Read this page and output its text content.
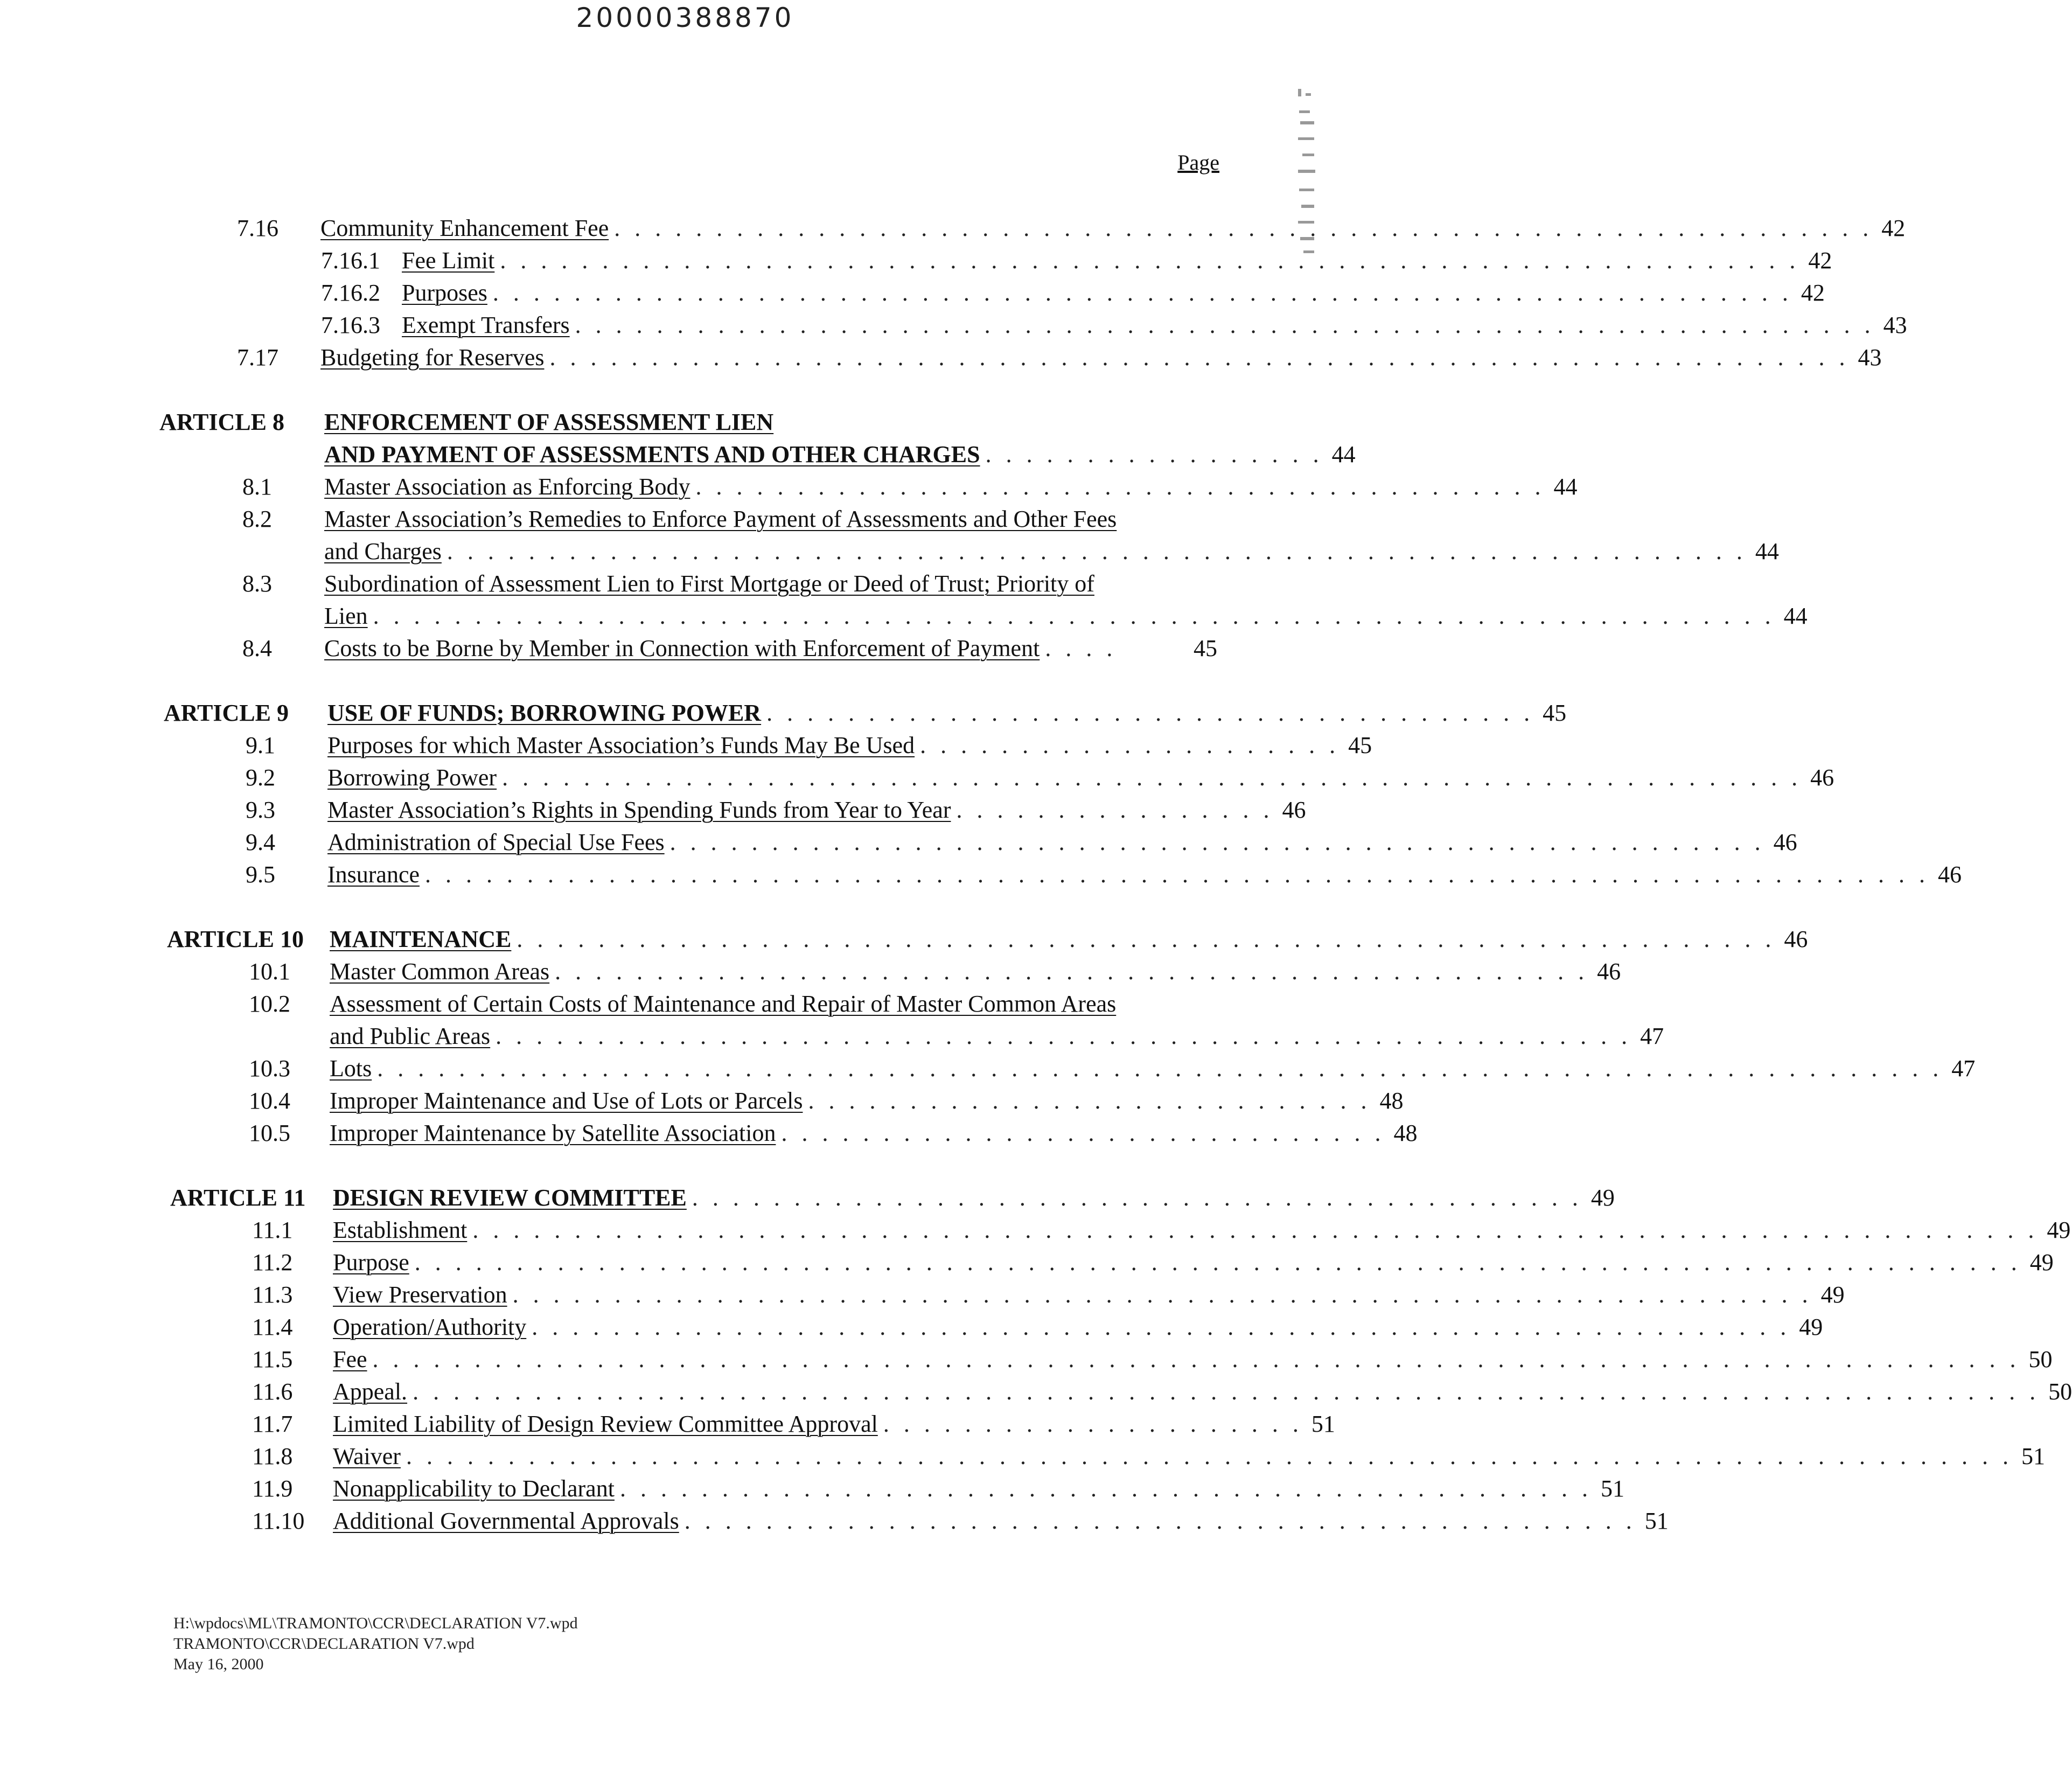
20000388870
Page
7.16	Community Enhancement Fee . . . . . . . . . . . . . . . . . . . . . . . . . . . . . . . . . . . . . . . . . . . . . . . . . . . . . . . . . . . . . . 42
7.16.1 Fee Limit . . . . . . . . . . . . . . . . . . . . . . . . . . . . . . . . . . . . . . . . . . . . . . . . . . . . . . . . . . . . . . . . 42
7.16.2 Purposes . . . . . . . . . . . . . . . . . . . . . . . . . . . . . . . . . . . . . . . . . . . . . . . . . . . . . . . . . . . . . . . . 42
7.16.3 Exempt Transfers . . . . . . . . . . . . . . . . . . . . . . . . . . . . . . . . . . . . . . . . . . . . . . . . . . . . . . . . . . . . . . . . 43
7.17	Budgeting for Reserves . . . . . . . . . . . . . . . . . . . . . . . . . . . . . . . . . . . . . . . . . . . . . . . . . . . . . . . . . . . . . . . . 43
ARTICLE 8	ENFORCEMENT OF ASSESSMENT LIEN
AND PAYMENT OF ASSESSMENTS AND OTHER CHARGES . . . . . . . . . . . . . . . . . 44
8.1	Master Association as Enforcing Body . . . . . . . . . . . . . . . . . . . . . . . . . . . . . . . . . . . . . . . . . . 44
8.2	Master Association’s Remedies to Enforce Payment of Assessments and Other Fees
and Charges . . . . . . . . . . . . . . . . . . . . . . . . . . . . . . . . . . . . . . . . . . . . . . . . . . . . . . . . . . . . . . . . 44
8.3	Subordination of Assessment Lien to First Mortgage or Deed of Trust; Priority of
Lien . . . . . . . . . . . . . . . . . . . . . . . . . . . . . . . . . . . . . . . . . . . . . . . . . . . . . . . . . . . . . . . . . . . . . 44
8.4	Costs to be Borne by Member in Connection with Enforcement of Payment . . . .	45
ARTICLE 9	USE OF FUNDS; BORROWING POWER . . . . . . . . . . . . . . . . . . . . . . . . . . . . . . . . . . . . . . 45
9.1	Purposes for which Master Association’s Funds May Be Used . . . . . . . . . . . . . . . . . . . . . 45
9.2	Borrowing Power . . . . . . . . . . . . . . . . . . . . . . . . . . . . . . . . . . . . . . . . . . . . . . . . . . . . . . . . . . . . . . . . 46
9.3	Master Association’s Rights in Spending Funds from Year to Year . . . . . . . . . . . . . . . . 46
9.4	Administration of Special Use Fees . . . . . . . . . . . . . . . . . . . . . . . . . . . . . . . . . . . . . . . . . . . . . . . . . . . . . . 46
9.5	Insurance . . . . . . . . . . . . . . . . . . . . . . . . . . . . . . . . . . . . . . . . . . . . . . . . . . . . . . . . . . . . . . . . . . . . . . . . . . 46
ARTICLE 10	MAINTENANCE . . . . . . . . . . . . . . . . . . . . . . . . . . . . . . . . . . . . . . . . . . . . . . . . . . . . . . . . . . . . . . 46
10.1	Master Common Areas . . . . . . . . . . . . . . . . . . . . . . . . . . . . . . . . . . . . . . . . . . . . . . . . . . . 46
10.2	Assessment of Certain Costs of Maintenance and Repair of Master Common Areas
and Public Areas . . . . . . . . . . . . . . . . . . . . . . . . . . . . . . . . . . . . . . . . . . . . . . . . . . . . . . . . 47
10.3	Lots . . . . . . . . . . . . . . . . . . . . . . . . . . . . . . . . . . . . . . . . . . . . . . . . . . . . . . . . . . . . . . . . . . . . . . . . . . . . . 47
10.4	Improper Maintenance and Use of Lots or Parcels . . . . . . . . . . . . . . . . . . . . . . . . . . . . 48
10.5	Improper Maintenance by Satellite Association . . . . . . . . . . . . . . . . . . . . . . . . . . . . . . 48
ARTICLE 11	DESIGN REVIEW COMMITTEE . . . . . . . . . . . . . . . . . . . . . . . . . . . . . . . . . . . . . . . . . . . . 49
11.1	Establishment . . . . . . . . . . . . . . . . . . . . . . . . . . . . . . . . . . . . . . . . . . . . . . . . . . . . . . . . . . . . . . . . . . . . . . . . . . . . . 49
11.2	Purpose . . . . . . . . . . . . . . . . . . . . . . . . . . . . . . . . . . . . . . . . . . . . . . . . . . . . . . . . . . . . . . . . . . . . . . . . . . . . . . . 49
11.3	View Preservation . . . . . . . . . . . . . . . . . . . . . . . . . . . . . . . . . . . . . . . . . . . . . . . . . . . . . . . . . . . . . . . . 49
11.4	Operation/Authority . . . . . . . . . . . . . . . . . . . . . . . . . . . . . . . . . . . . . . . . . . . . . . . . . . . . . . . . . . . . . . 49
11.5	Fee . . . . . . . . . . . . . . . . . . . . . . . . . . . . . . . . . . . . . . . . . . . . . . . . . . . . . . . . . . . . . . . . . . . . . . . . . . . . . . . . . 50
11.6	Appeal. . . . . . . . . . . . . . . . . . . . . . . . . . . . . . . . . . . . . . . . . . . . . . . . . . . . . . . . . . . . . . . . . . . . . . . . . . . . . . . . . 50
11.7	Limited Liability of Design Review Committee Approval . . . . . . . . . . . . . . . . . . . . . 51
11.8	Waiver . . . . . . . . . . . . . . . . . . . . . . . . . . . . . . . . . . . . . . . . . . . . . . . . . . . . . . . . . . . . . . . . . . . . . . . . . . . . . . . 51
11.9	Nonapplicability to Declarant . . . . . . . . . . . . . . . . . . . . . . . . . . . . . . . . . . . . . . . . . . . . . . . . 51
11.10	Additional Governmental Approvals . . . . . . . . . . . . . . . . . . . . . . . . . . . . . . . . . . . . . . . . . . . . . . . 51
H:\wpdocs\ML\TRAMONTO\CCR\DECLARATION V7.wpd
TRAMONTO\CCR\DECLARATION V7.wpd
May 16, 2000
